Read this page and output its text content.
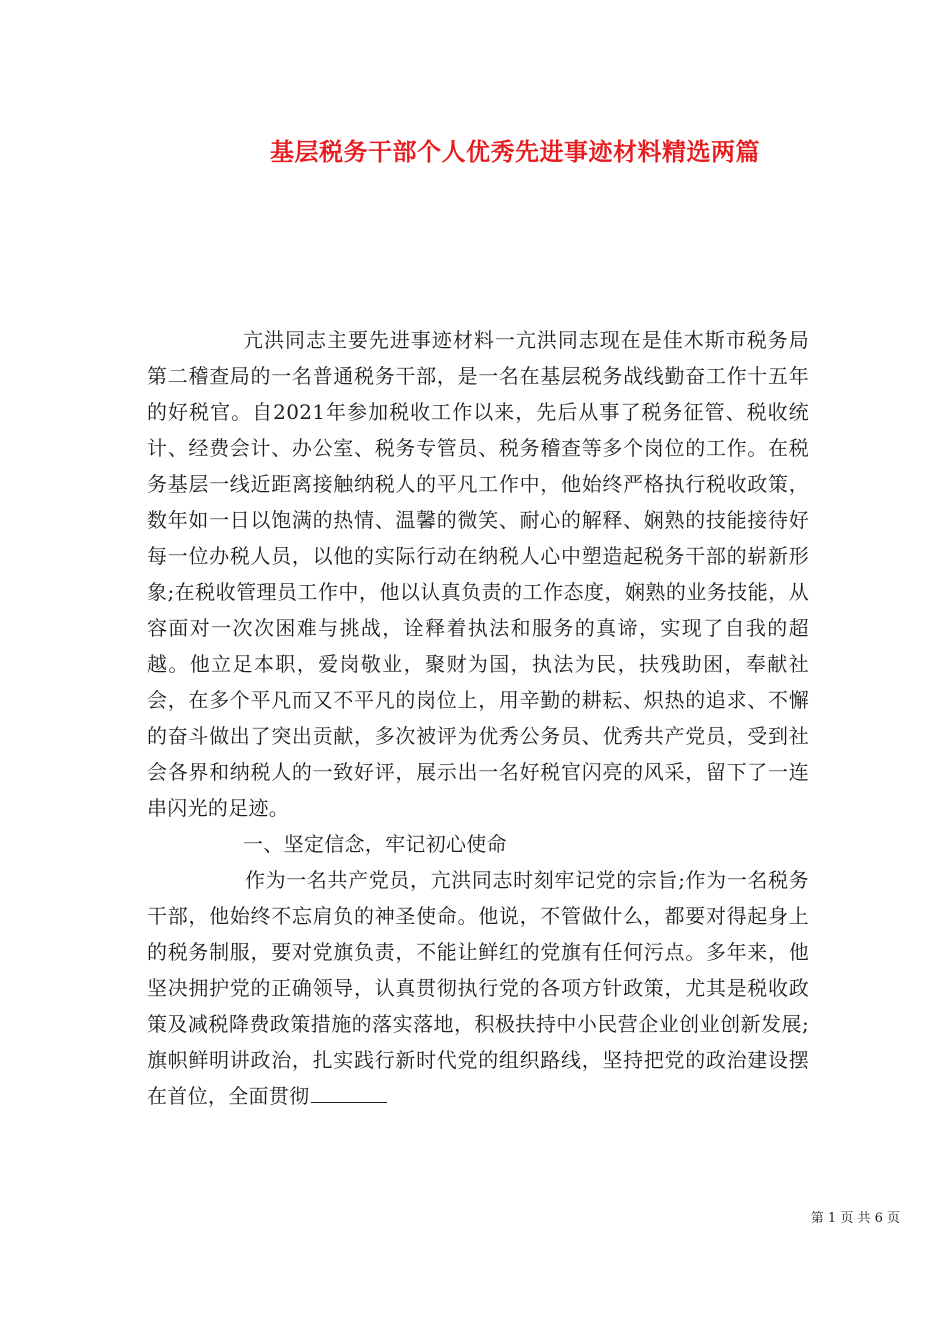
基层税务干部个人优秀先进事迹材料精选两篇

亢洪同志主要先进事迹材料一亢洪同志现在是佳木斯市税务局第二稽查局的一名普通税务干部，是一名在基层税务战线勤奋工作十五年的好税官。自2021年参加税收工作以来，先后从事了税务征管、税收统计、经费会计、办公室、税务专管员、税务稽查等多个岗位的工作。在税务基层一线近距离接触纳税人的平凡工作中，他始终严格执行税收政策，数年如一日以饱满的热情、温馨的微笑、耐心的解释、娴熟的技能接待好每一位办税人员，以他的实际行动在纳税人心中塑造起税务干部的崭新形象;在税收管理员工作中，他以认真负责的工作态度，娴熟的业务技能，从容面对一次次困难与挑战，诠释着执法和服务的真谛，实现了自我的超越。他立足本职，爱岗敬业，聚财为国，执法为民，扶残助困，奉献社会，在多个平凡而又不平凡的岗位上，用辛勤的耕耘、炽热的追求、不懈的奋斗做出了突出贡献，多次被评为优秀公务员、优秀共产党员，受到社会各界和纳税人的一致好评，展示出一名好税官闪亮的风采，留下了一连串闪光的足迹。

一、坚定信念，牢记初心使命

作为一名共产党员，亢洪同志时刻牢记党的宗旨;作为一名税务干部，他始终不忘肩负的神圣使命。他说，不管做什么，都要对得起身上的税务制服，要对党旗负责，不能让鲜红的党旗有任何污点。多年来，他坚决拥护党的正确领导，认真贯彻执行党的各项方针政策，尤其是税收政策及减税降费政策措施的落实落地，积极扶持中小民营企业创业创新发展;旗帜鲜明讲政治，扎实践行新时代党的组织路线，坚持把党的政治建设摆在首位，全面贯彻

第 1 页 共 6 页
